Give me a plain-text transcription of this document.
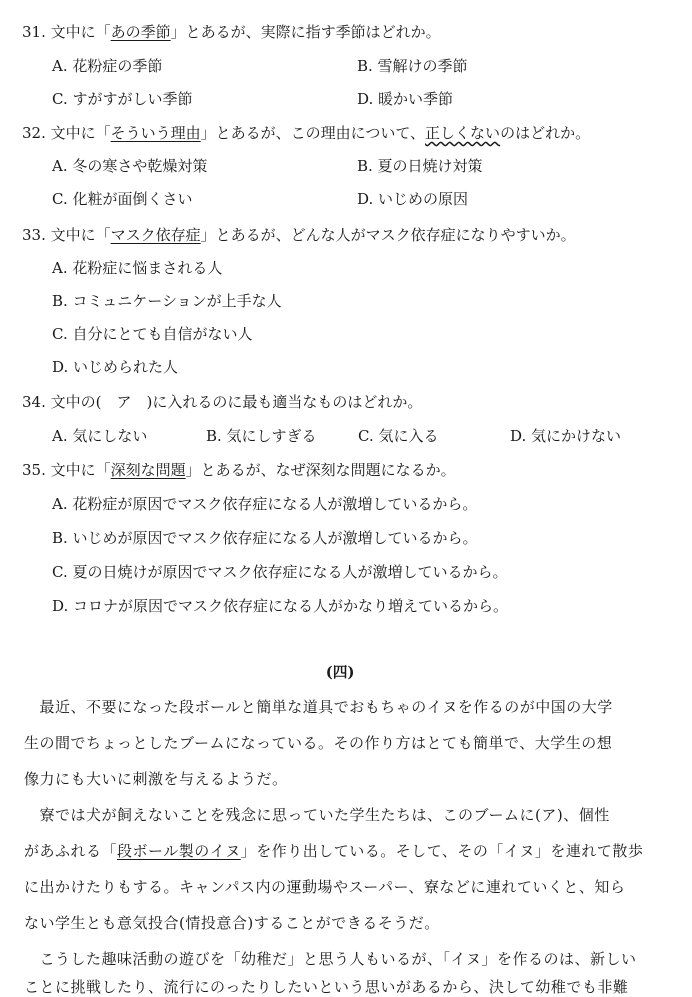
31. 文中に「あの季節」とあるが、実際に指す季節はどれか。
A. 花粉症の季節	B. 雪解けの季節
C. すがすがしい季節	D. 暖かい季節
32. 文中に「そういう理由」とあるが、この理由について、正しくないのはどれか。
A. 冬の寒さや乾燥対策	B. 夏の日焼け対策
C. 化粧が面倒くさい	D. いじめの原因
33. 文中に「マスク依存症」とあるが、どんな人がマスク依存症になりやすいか。
A. 花粉症に悩まされる人
B. コミュニケーションが上手な人
C. 自分にとても自信がない人
D. いじめられた人
34. 文中の(　ア　)に入れるのに最も適当なものはどれか。
A. 気にしない	B. 気にしすぎる	C. 気に入る	D. 気にかけない
35. 文中に「深刻な問題」とあるが、なぜ深刻な問題になるか。
A. 花粉症が原因でマスク依存症になる人が激増しているから。
B. いじめが原因でマスク依存症になる人が激増しているから。
C. 夏の日焼けが原因でマスク依存症になる人が激増しているから。
D. コロナが原因でマスク依存症になる人がかなり増えているから。
(四)
　最近、不要になった段ボールと簡単な道具でおもちゃのイヌを作るのが中国の大学
生の間でちょっとしたブームになっている。その作り方はとても簡単で、大学生の想
像力にも大いに刺激を与えるようだ。
　寮では犬が飼えないことを残念に思っていた学生たちは、このブームに(ア)、個性
があふれる「段ボール製のイヌ」を作り出している。そして、その「イヌ」を連れて散歩
に出かけたりもする。キャンパス内の運動場やスーパー、寮などに連れていくと、知ら
ない学生とも意気投合(情投意合)することができるそうだ。
　こうした趣味活動の遊びを「幼稚だ」と思う人もいるが、「イヌ」を作るのは、新しい
ことに挑戦したり、流行にのったりしたいという思いがあるから、決して幼稚でも非難
